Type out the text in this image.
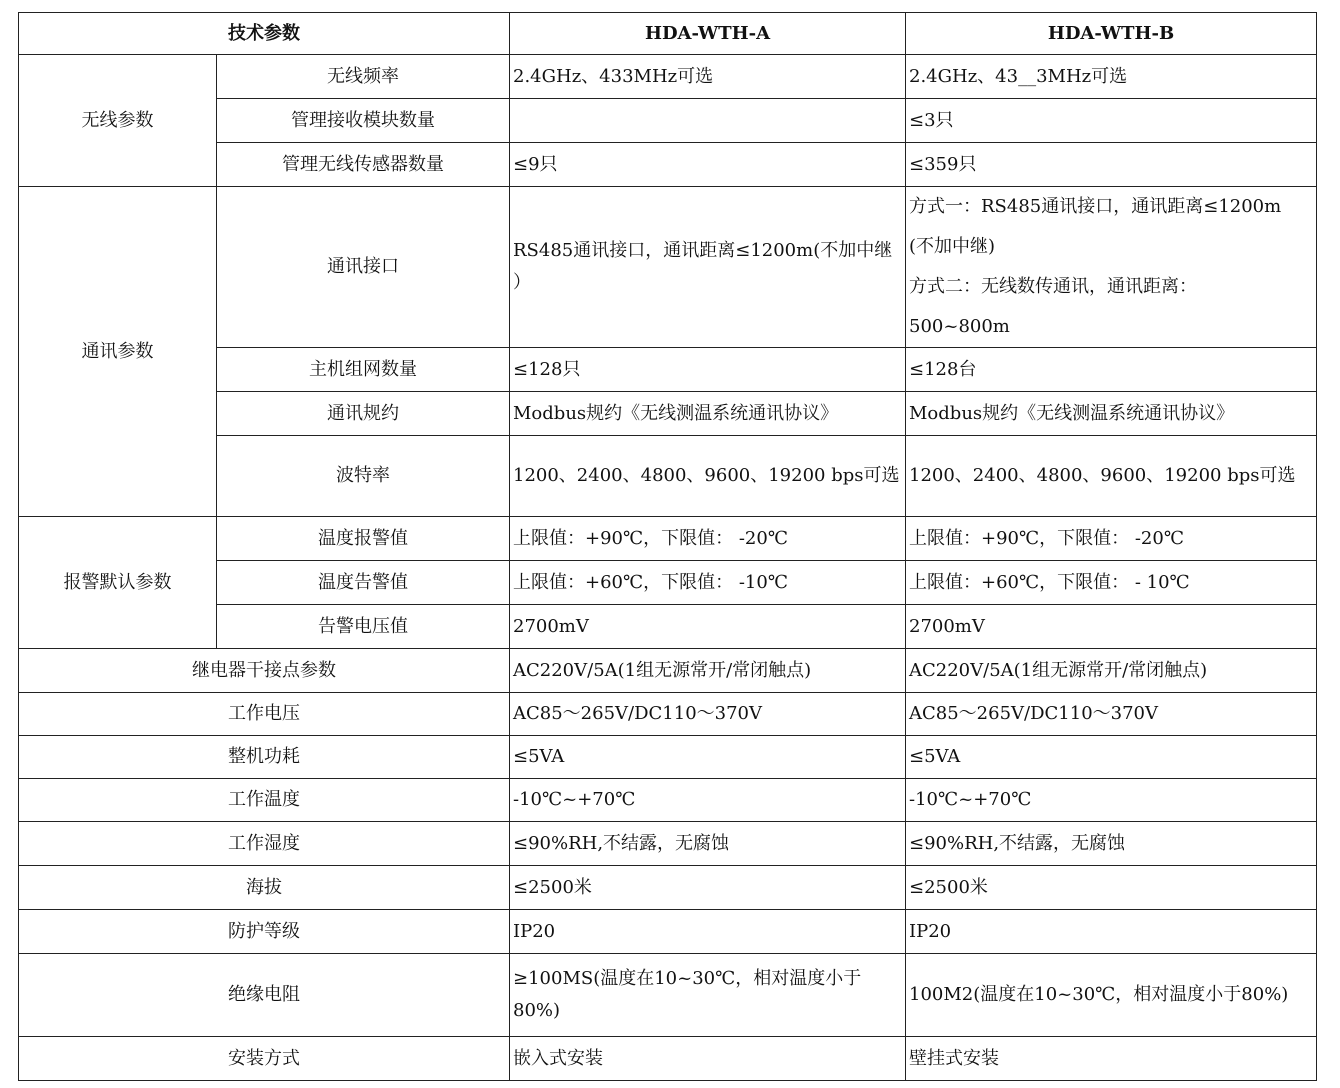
技术参数		HDA-WTH-A	HDA-WTH-B
无线参数	无线频率	2.4GHz、433MHz可选	2.4GHz、43__3MHz可选
	管理接收模块数量		≤3只
	管理无线传感器数量	≤9只	≤359只
通讯参数	通讯接口	RS485通讯接口，通讯距离≤1200m(不加中继 ）	方式一：RS485通讯接口，通讯距离≤1200m
(不加中继)
方式二：无线数传通讯，通讯距离：
500~800m

	主机组网数量	≤128只	≤128台
	通讯规约	Modbus规约《无线测温系统通讯协议》	Modbus规约《无线测温系统通讯协议》
	波特率	1200、2400、4800、9600、19200 bps可选	1200、2400、4800、9600、19200 bps可选
报警默认参数	温度报警值	上限值：+90℃，下限值： -20℃	上限值：+90℃，下限值： -20℃
	温度告警值	上限值：+60℃，下限值： -10℃	上限值：+60℃，下限值： - 10℃
	告警电压值	2700mV	2700mV
继电器干接点参数		AC220V/5A(1组无源常开/常闭触点)	AC220V/5A(1组无源常开/常闭触点)
工作电压		AC85～265V/DC110～370V	AC85～265V/DC110～370V
整机功耗		≤5VA	≤5VA
工作温度		-10℃~+70℃	-10℃~+70℃
工作湿度		≤90%RH,不结露，无腐蚀	≤90%RH,不结露，无腐蚀
海拔		≤2500米	≤2500米
防护等级		IP20	IP20
绝缘电阻		≥100MS(温度在10~30℃，相对温度小于80%)	100M2(温度在10~30℃，相对温度小于80%)
安装方式		嵌入式安装	壁挂式安装
